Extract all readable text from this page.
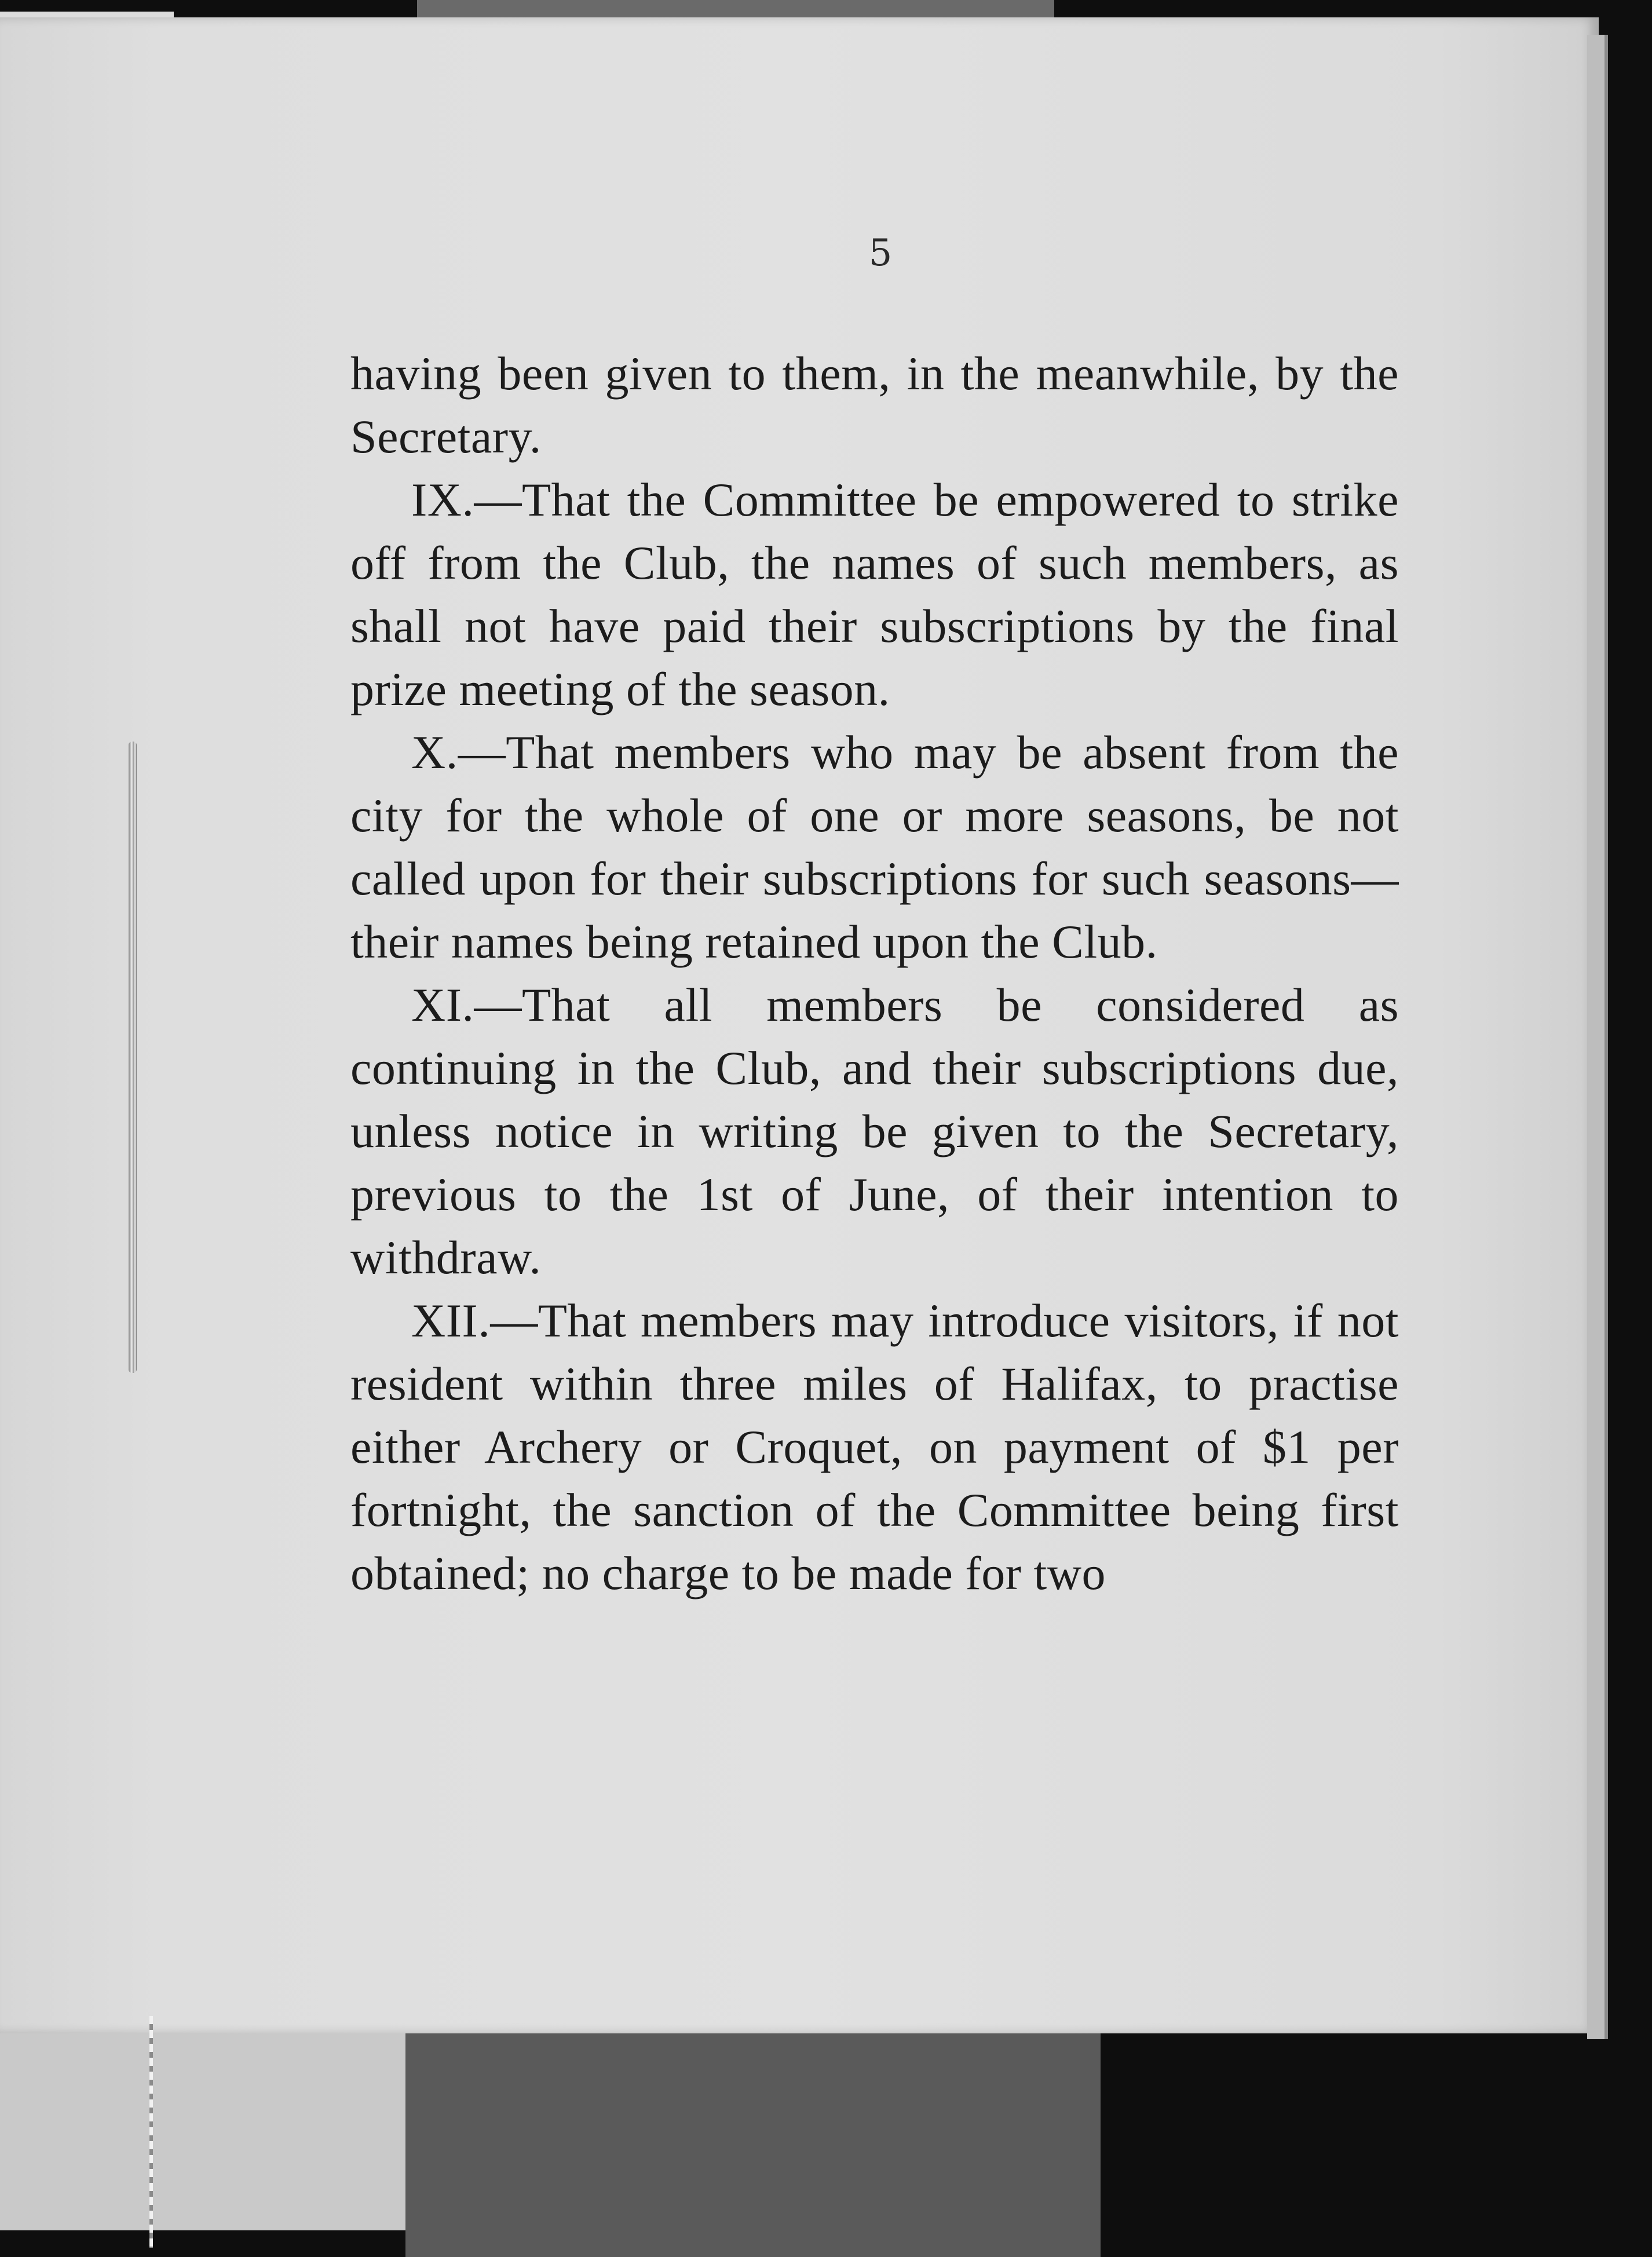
5

having been given to them, in the meanwhile, by the Secretary.

IX.—That the Committee be empowered to strike off from the Club, the names of such members, as shall not have paid their subscriptions by the final prize meeting of the season.

X.—That members who may be absent from the city for the whole of one or more seasons, be not called upon for their subscriptions for such seasons—their names being retained upon the Club.

XI.—That all members be considered as continuing in the Club, and their subscriptions due, unless notice in writing be given to the Secretary, previous to the 1st of June, of their intention to withdraw.

XII.—That members may introduce visitors, if not resident within three miles of Halifax, to practise either Archery or Croquet, on payment of $1 per fortnight, the sanction of the Committee being first obtained; no charge to be made for two
